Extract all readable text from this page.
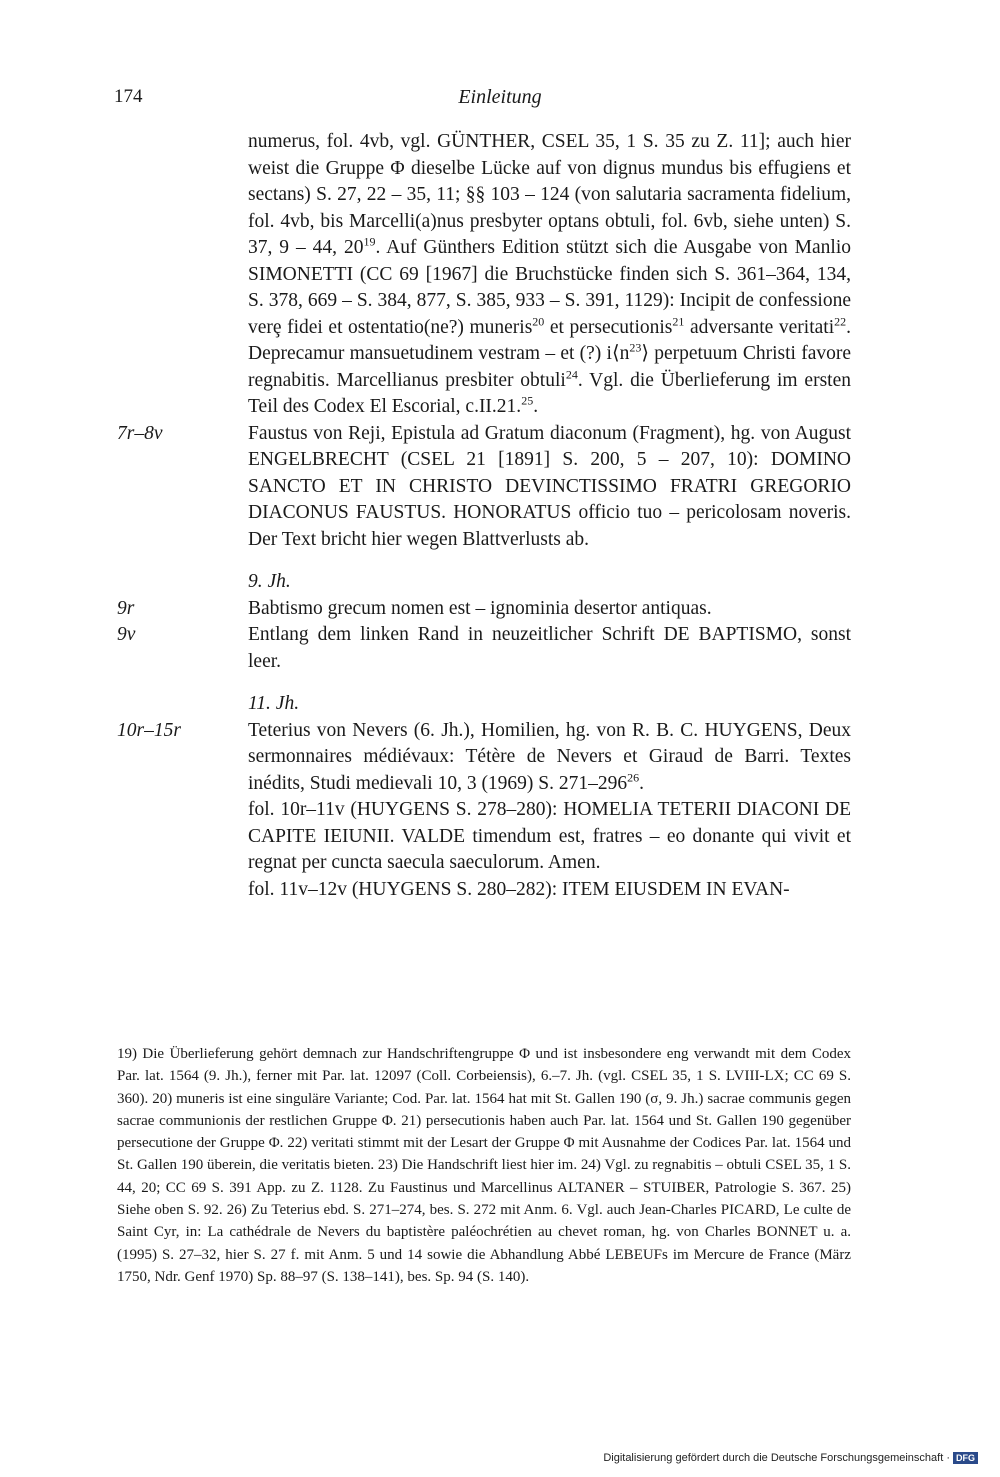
174	Einleitung

numerus, fol. 4vb, vgl. GÜNTHER, CSEL 35, 1 S. 35 zu Z. 11]; auch hier weist die Gruppe Φ dieselbe Lücke auf von dignus mundus bis effugiens et sectans) S. 27, 22 – 35, 11; §§ 103 – 124 (von salutaria sacramenta fidelium, fol. 4vb, bis Marcelli(a)nus presbyter optans obtuli, fol. 6vb, siehe unten) S. 37, 9 – 44, $20^{19}$. Auf Günthers Edition stützt sich die Ausgabe von Manlio SIMONETTI (CC 69 [1967] die Bruchstücke finden sich S. 361–364, 134, S. 378, 669 – S. 384, 877, S. 385, 933 – S. 391, 1129): Incipit de confessione verȩ fidei et ostentatio(ne?) muneris$^{20}$ et persecutionis$^{21}$ adversante veritati$^{22}$. Deprecamur mansuetudinem vestram – et (?) $i⟨n^{23}⟩$ perpetuum Christi favore regnabitis. Marcellianus presbiter obtuli$^{24}$. Vgl. die Überlieferung im ersten Teil des Codex El Escorial, c.II.21.25.

7r–8v	Faustus von Reji, Epistula ad Gratum diaconum (Fragment), hg. von August ENGELBRECHT (CSEL 21 [1891] S. 200, 5 – 207, 10): DOMINO SANCTO ET IN CHRISTO DEVINCTISSIMO FRATRI GREGORIO DIACONUS FAUSTUS. HONORATUS officio tuo – pericolosam noveris. Der Text bricht hier wegen Blattverlusts ab.

9. Jh.
9r	Babtismo grecum nomen est – ignominia desertor antiquas.

9v	Entlang dem linken Rand in neuzeitlicher Schrift DE BAPTISMO, sonst leer.

11. Jh.
10r–15r	Teterius von Nevers (6. Jh.), Homilien, hg. von R. B. C. HUYGENS, Deux sermonnaires médiévaux: Tétère de Nevers et Giraud de Barri. Textes inédits, Studi medievali 10, 3 (1969) S. $271-296^{26}$.

fol. 10r–11v (HUYGENS S. 278–280): HOMELIA TETERII DIACONI DE CAPITE IEIUNII. VALDE timendum est, fratres – eo donante qui vivit et regnat per cuncta saecula saeculorum. Amen.

fol. 11v–12v (HUYGENS S. 280–282): ITEM EIUSDEM IN EVAN-

19) Die Überlieferung gehört demnach zur Handschriftengruppe Φ und ist insbesondere eng verwandt mit dem Codex Par. lat. 1564 (9. Jh.), ferner mit Par. lat. 12097 (Coll. Corbeiensis), 6.–7. Jh. (vgl. CSEL 35, 1 S. LVIII-LX; CC 69 S. 360). 20) muneris ist eine singuläre Variante; Cod. Par. lat. 1564 hat mit St. Gallen 190 (σ, 9. Jh.) sacrae communis gegen sacrae communionis der restlichen Gruppe Φ. 21) persecutionis haben auch Par. lat. 1564 und St. Gallen 190 gegenüber persecutione der Gruppe Φ. 22) veritati stimmt mit der Lesart der Gruppe Φ mit Ausnahme der Codices Par. lat. 1564 und St. Gallen 190 überein, die veritatis bieten. 23) Die Handschrift liest hier im. 24) Vgl. zu regnabitis – obtuli CSEL 35, 1 S. 44, 20; CC 69 S. 391 App. zu Z. 1128. Zu Faustinus und Marcellinus ALTANER – STUIBER, Patrologie S. 367. 25) Siehe oben S. 92. 26) Zu Teterius ebd. S. 271–274, bes. S. 272 mit Anm. 6. Vgl. auch Jean-Charles PICARD, Le culte de Saint Cyr, in: La cathédrale de Nevers du baptistère paléochrétien au chevet roman, hg. von Charles BONNET u. a. (1995) S. 27–32, hier S. 27 f. mit Anm. 5 und 14 sowie die Abhandlung Abbé LEBEUFs im Mercure de France (März 1750, Ndr. Genf 1970) Sp. 88–97 (S. 138–141), bes. Sp. 94 (S. 140).

Digitalisierung gefördert durch die Deutsche Forschungsgemeinschaft · DFG
